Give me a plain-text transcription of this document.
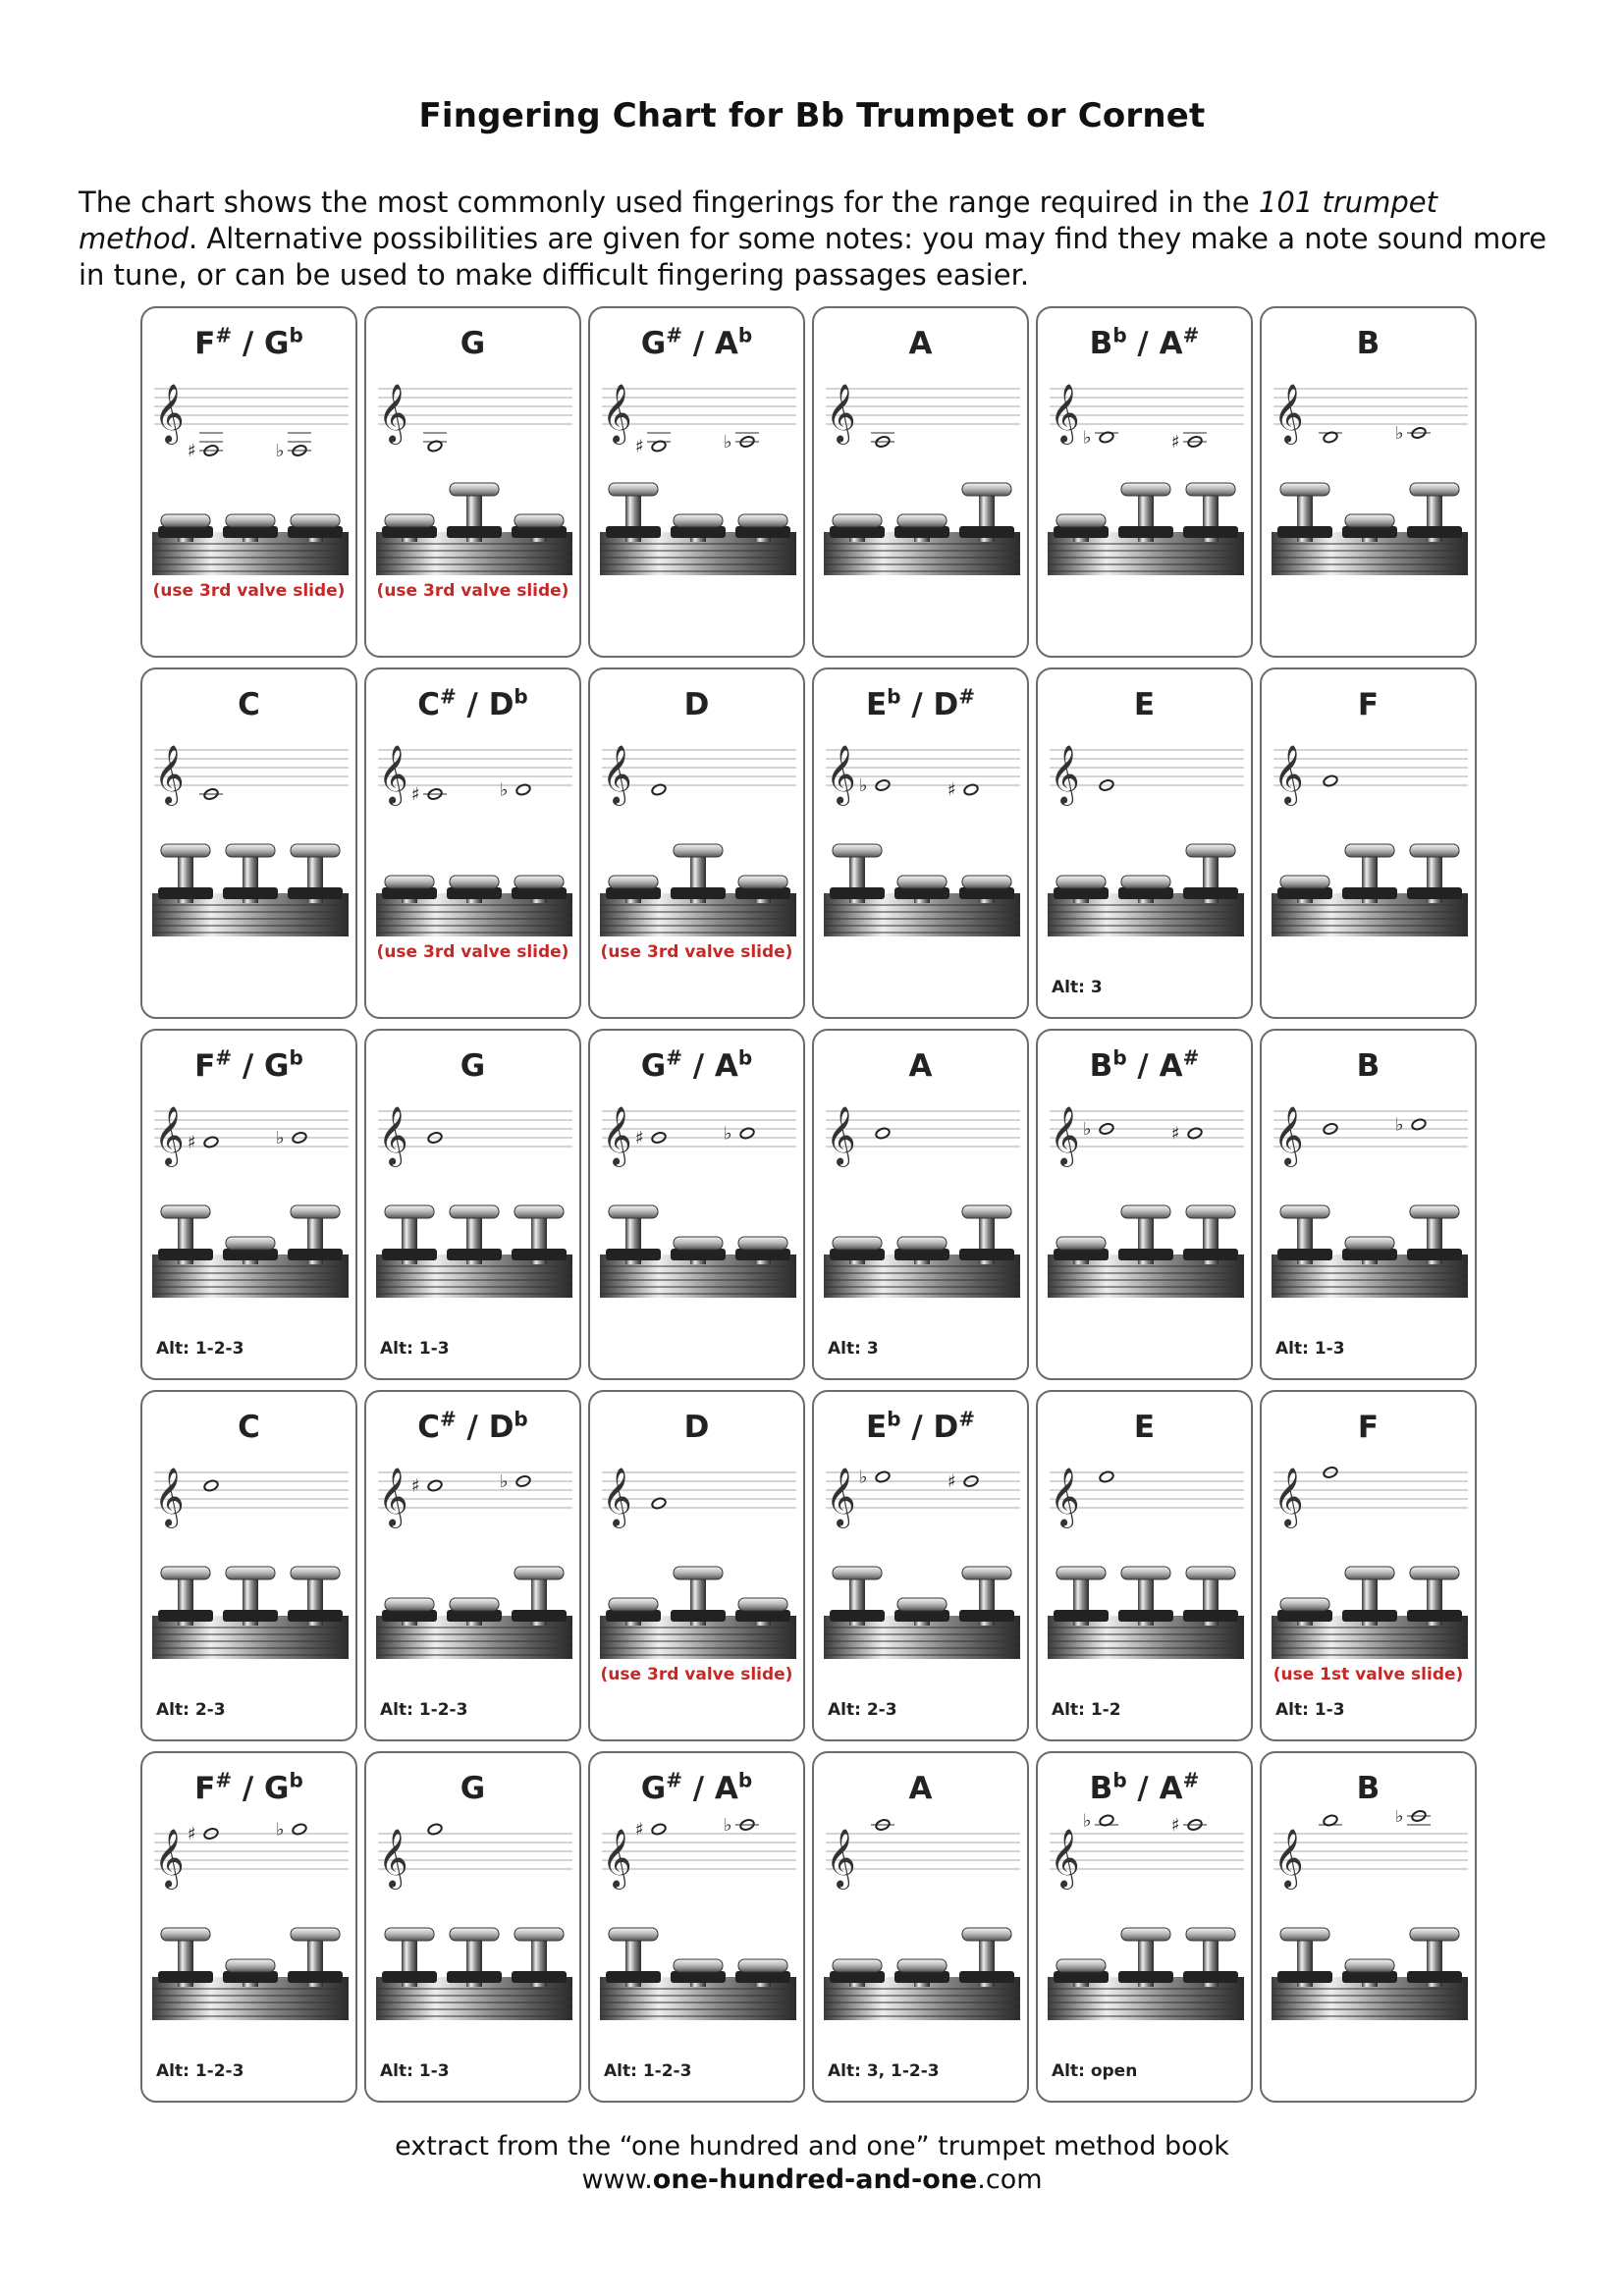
Fingering Chart for Bb Trumpet or Cornet
The chart shows the most commonly used fingerings for the range required in the 101 trumpet method. Alternative possibilities are given for some notes: you may find they make a note sound more in tune, or can be used to make difficult fingering passages easier.
$F^{\#} / G^b$
𝄞
♯	♭
(use 3rd valve slide)
G
𝄞
(use 3rd valve slide)
$G^{\#} / A^b$
𝄞
♯	♭
A
𝄞
$B^b / A^{\#}$
𝄞 ♭	♯
B
𝄞	♭
C
𝄞
$C^{\#} / D^b$
𝄞 ♯	♭
(use 3rd valve slide)
D
𝄞
(use 3rd valve slide)
$E^b / D^{\#}$
𝄞 ♭	♯
E
𝄞
Alt: 3
F
𝄞
$F^{\#} / G^b$
𝄞 ♯	♭
Alt: 1-2-3
G
𝄞
Alt: 1-3
$G^{\#} / A^b$
𝄞 ♯	♭
A
𝄞
Alt: 3
$B^b / A^{\#}$
𝄞 ♭	♯
B
𝄞	♭
Alt: 1-3
C
𝄞
Alt: 2-3
$C^{\#} / D^b$
𝄞 ♯	♭
Alt: 1-2-3
D
𝄞
(use 3rd valve slide)
$E^b / D^{\#}$
𝄞 ♭	♯
Alt: 2-3
E
𝄞
Alt: 1-2
F
𝄞
(use 1st valve slide)
Alt: 1-3
$F^{\#} / G^b$
𝄞 ♯	♭
Alt: 1-2-3
G
𝄞
Alt: 1-3
$G^{\#} / A^b$
𝄞 ♯	♭
Alt: 1-2-3
A
𝄞
Alt: 3, 1-2-3
$B^b / A^{\#}$
𝄞
♭	♯
Alt: open
B
𝄞
♭
extract from the “one hundred and one” trumpet method book
www.one-hundred-and-one.com
